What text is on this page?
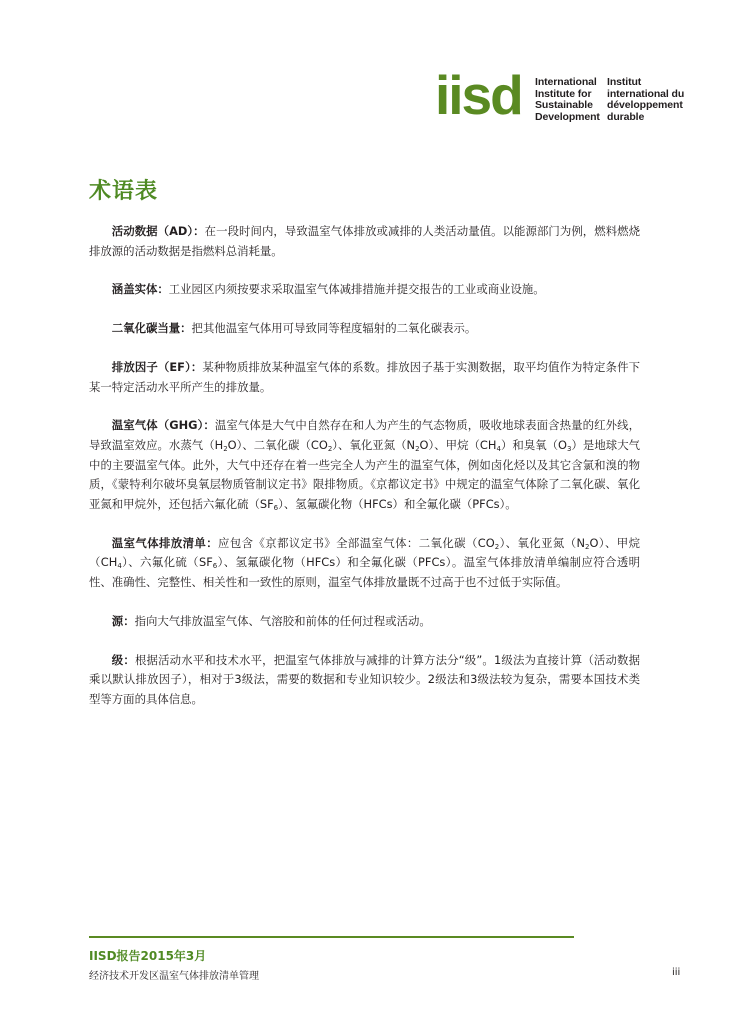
iisd International
Institute for
Sustainable
Development
Institut
international du
développement
durable
术语表

活动数据（AD）：在一段时间内，导致温室气体排放或减排的人类活动量值。以能源部门为例，燃料燃烧排放源的活动数据是指燃料总消耗量。

涵盖实体：工业园区内须按要求采取温室气体减排措施并提交报告的工业或商业设施。

二氧化碳当量：把其他温室气体用可导致同等程度辐射的二氧化碳表示。

排放因子（EF）：某种物质排放某种温室气体的系数。排放因子基于实测数据，取平均值作为特定条件下某一特定活动水平所产生的排放量。

温室气体（GHG）：温室气体是大气中自然存在和人为产生的气态物质，吸收地球表面含热量的红外线，导致温室效应。水蒸气$(H_2O)$、二氧化碳$(CO_2)$、氧化亚氮$(N_2O)$、甲烷$(CH_4)$和臭氧$(O_3)$是地球大气中的主要温室气体。此外，大气中还存在着一些完全人为产生的温室气体，例如卤化烃以及其它含氯和溴的物质，《蒙特利尔破坏臭氧层物质管制议定书》限排物质。《京都议定书》中规定的温室气体除了二氧化碳、氧化亚氮和甲烷外，还包括六氟化硫$(SF_6)$、氢氟碳化物（HFCs）和全氟化碳（PFCs）。

温室气体排放清单：应包含《京都议定书》全部温室气体：二氧化碳$(CO_2)$、氧化亚氮$(N_2O)$、甲烷$(CH_4)$、六氟化硫$(SF_6)$、氢氟碳化物（HFCs）和全氟化碳（PFCs）。温室气体排放清单编制应符合透明性、准确性、完整性、相关性和一致性的原则，温室气体排放量既不过高于也不过低于实际值。

源：指向大气排放温室气体、气溶胶和前体的任何过程或活动。

级：根据活动水平和技术水平，把温室气体排放与减排的计算方法分“级”。1级法为直接计算（活动数据乘以默认排放因子），相对于3级法，需要的数据和专业知识较少。2级法和3级法较为复杂，需要本国技术类型等方面的具体信息。

IISD报告2015年3月
经济技术开发区温室气体排放清单管理	iii
